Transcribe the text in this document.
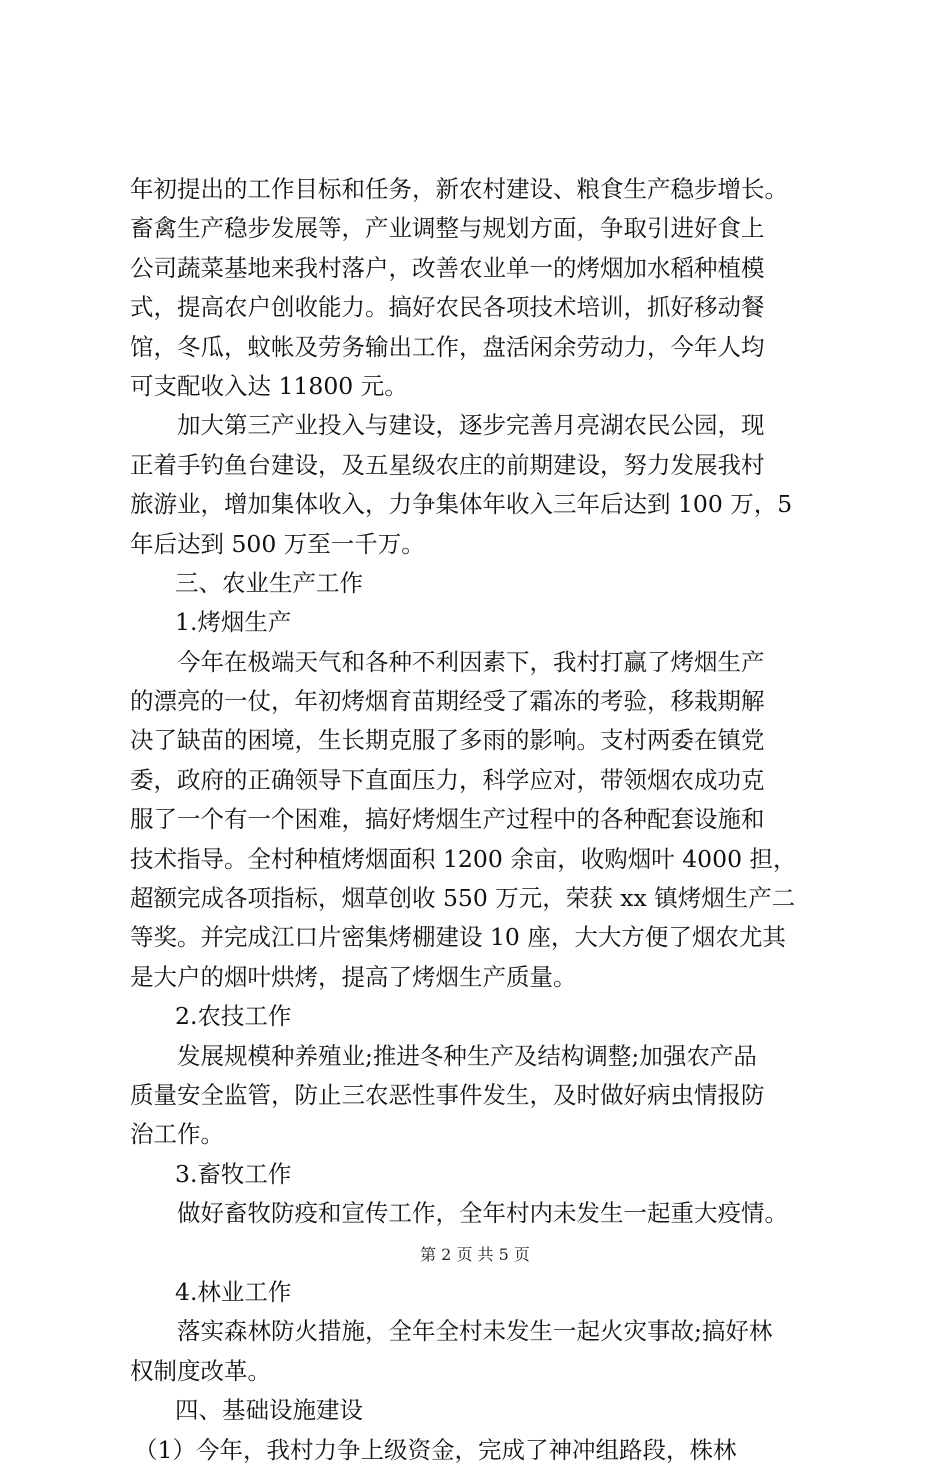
年初提出的工作目标和任务，新农村建设、粮食生产稳步增长。
畜禽生产稳步发展等，产业调整与规划方面，争取引进好食上
公司蔬菜基地来我村落户，改善农业单一的烤烟加水稻种植模
式，提高农户创收能力。搞好农民各项技术培训，抓好移动餐
馆，冬瓜，蚊帐及劳务输出工作，盘活闲余劳动力，今年人均
可支配收入达 11800 元。
加大第三产业投入与建设，逐步完善月亮湖农民公园，现
正着手钓鱼台建设，及五星级农庄的前期建设，努力发展我村
旅游业，增加集体收入，力争集体年收入三年后达到 100 万，5
年后达到 500 万至一千万。
三、农业生产工作
1.烤烟生产
今年在极端天气和各种不利因素下，我村打赢了烤烟生产
的漂亮的一仗，年初烤烟育苗期经受了霜冻的考验，移栽期解
决了缺苗的困境，生长期克服了多雨的影响。支村两委在镇党
委，政府的正确领导下直面压力，科学应对，带领烟农成功克
服了一个有一个困难，搞好烤烟生产过程中的各种配套设施和
技术指导。全村种植烤烟面积 1200 余亩，收购烟叶 4000 担，
超额完成各项指标，烟草创收 550 万元，荣获 xx 镇烤烟生产二
等奖。并完成江口片密集烤棚建设 10 座，大大方便了烟农尤其
是大户的烟叶烘烤，提高了烤烟生产质量。
2.农技工作
发展规模种养殖业;推进冬种生产及结构调整;加强农产品
质量安全监管，防止三农恶性事件发生，及时做好病虫情报防
治工作。
3.畜牧工作
做好畜牧防疫和宣传工作，全年村内未发生一起重大疫情。
4.林业工作
落实森林防火措施，全年全村未发生一起火灾事故;搞好林
权制度改革。
四、基础设施建设
（1）今年，我村力争上级资金，完成了神冲组路段，株林
第 2 页 共 5 页
